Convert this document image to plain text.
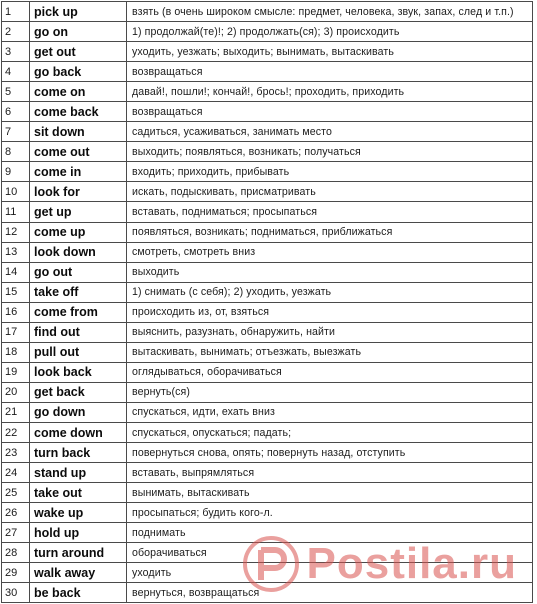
1	pick up	взять (в очень широком смысле: предмет, человека, звук, запах, след и т.п.)
2	go on	1) продолжай(те)!; 2) продолжать(ся); 3) происходить
3	get out	уходить, уезжать; выходить; вынимать, вытаскивать
4	go back	возвращаться
5	come on	давай!, пошли!; кончай!, брось!; проходить, приходить
6	come back	возвращаться
7	sit down	садиться, усаживаться, занимать место
8	come out	выходить; появляться, возникать; получаться
9	come in	входить; приходить, прибывать
10	look for	искать, подыскивать, присматривать
11	get up	вставать, подниматься; просыпаться
12	come up	появляться, возникать; подниматься, приближаться
13	look down	смотреть, смотреть вниз
14	go out	выходить
15	take off	1) снимать (с себя); 2) уходить, уезжать
16	come from	происходить из, от, взяться
17	find out	выяснить, разузнать, обнаружить, найти
18	pull out	вытаскивать, вынимать; отъезжать, выезжать
19	look back	оглядываться, оборачиваться
20	get back	вернуть(ся)
21	go down	спускаться, идти, ехать вниз
22	come down	спускаться, опускаться; падать;
23	turn back	повернуться снова, опять; повернуть назад, отступить
24	stand up	вставать, выпрямляться
25	take out	вынимать, вытаскивать
26	wake up	просыпаться; будить кого-л.
27	hold up	поднимать
28	turn around	оборачиваться
29	walk away	уходить
30	be back	вернуться, возвращаться
Postila.ru
